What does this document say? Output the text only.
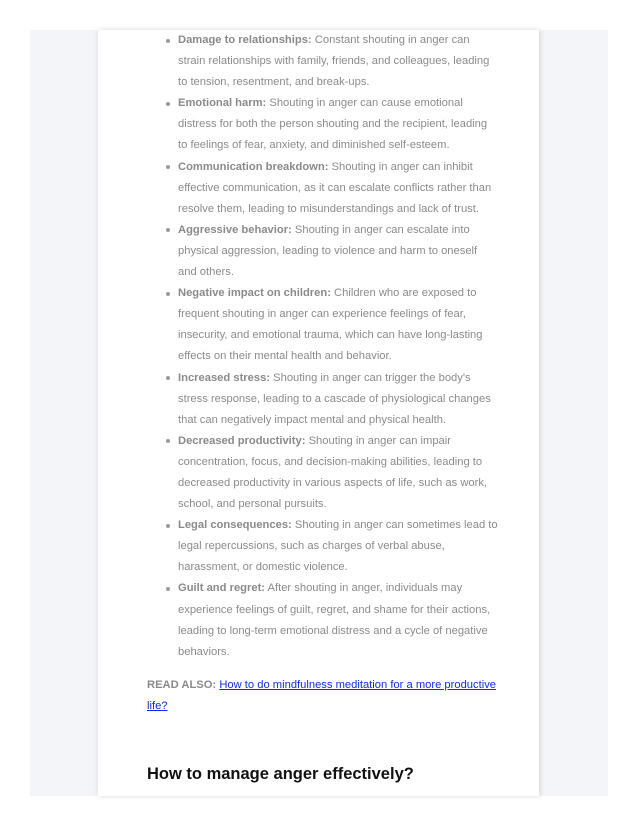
Damage to relationships: Constant shouting in anger can strain relationships with family, friends, and colleagues, leading to tension, resentment, and break-ups.
Emotional harm: Shouting in anger can cause emotional distress for both the person shouting and the recipient, leading to feelings of fear, anxiety, and diminished self-esteem.
Communication breakdown: Shouting in anger can inhibit effective communication, as it can escalate conflicts rather than resolve them, leading to misunderstandings and lack of trust.
Aggressive behavior: Shouting in anger can escalate into physical aggression, leading to violence and harm to oneself and others.
Negative impact on children: Children who are exposed to frequent shouting in anger can experience feelings of fear, insecurity, and emotional trauma, which can have long-lasting effects on their mental health and behavior.
Increased stress: Shouting in anger can trigger the body's stress response, leading to a cascade of physiological changes that can negatively impact mental and physical health.
Decreased productivity: Shouting in anger can impair concentration, focus, and decision-making abilities, leading to decreased productivity in various aspects of life, such as work, school, and personal pursuits.
Legal consequences: Shouting in anger can sometimes lead to legal repercussions, such as charges of verbal abuse, harassment, or domestic violence.
Guilt and regret: After shouting in anger, individuals may experience feelings of guilt, regret, and shame for their actions, leading to long-term emotional distress and a cycle of negative behaviors.
READ ALSO: How to do mindfulness meditation for a more productive life?
How to manage anger effectively?
